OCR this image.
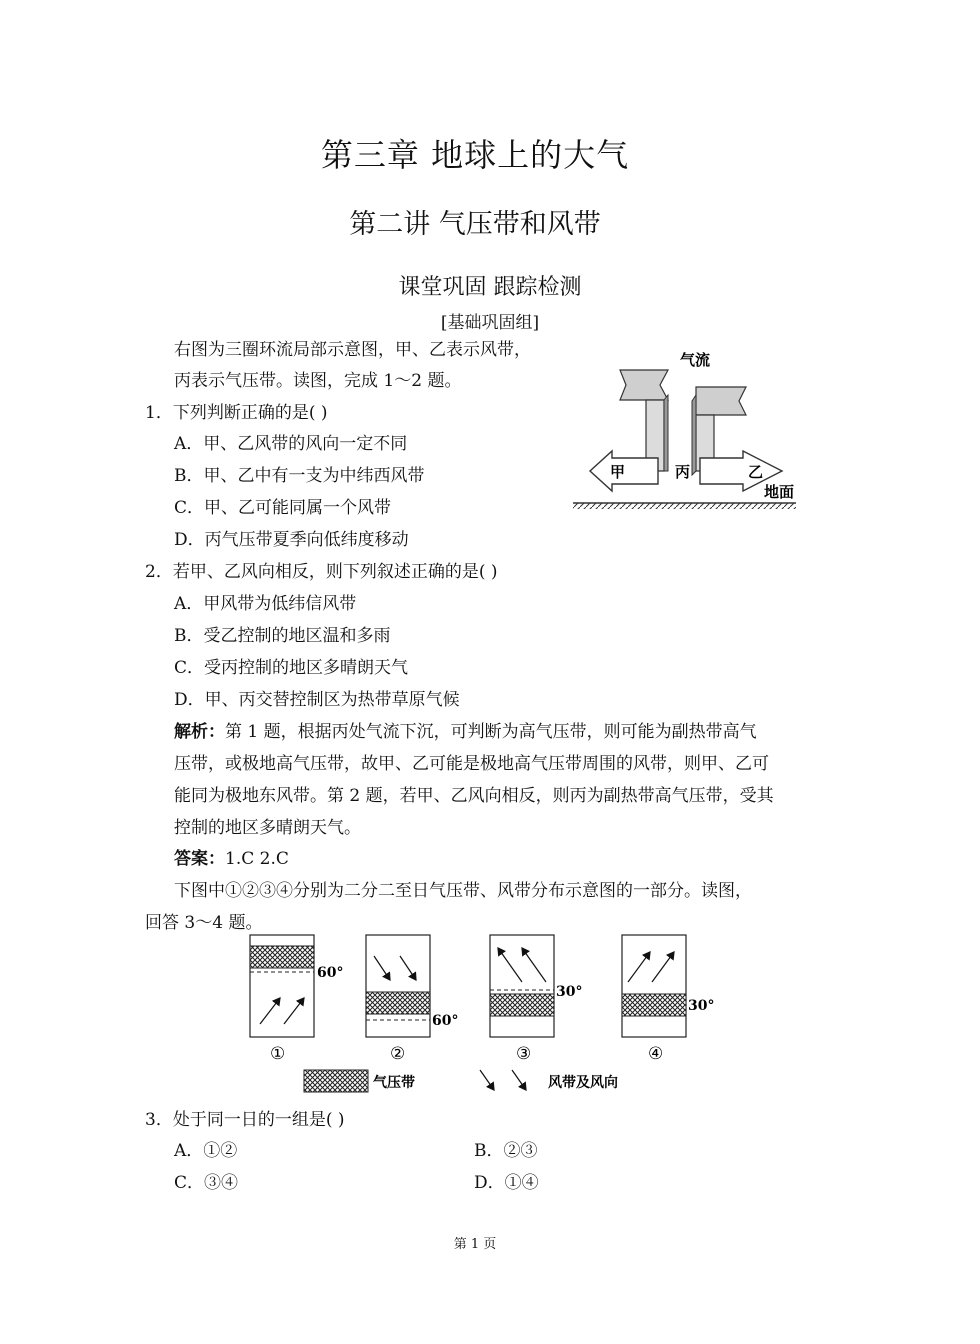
第三章 地球上的大气
第二讲 气压带和风带
课堂巩固 跟踪检测
[基础巩固组]
右图为三圈环流局部示意图，甲、乙表示风带，
丙表示气压带。读图，完成 1～2 题。
气流
甲	丙	乙
地面
1．下列判断正确的是( )
A．甲、乙风带的风向一定不同
B．甲、乙中有一支为中纬西风带
C．甲、乙可能同属一个风带
D．丙气压带夏季向低纬度移动
2．若甲、乙风向相反，则下列叙述正确的是( )
A．甲风带为低纬信风带
B．受乙控制的地区温和多雨
C．受丙控制的地区多晴朗天气
D．甲、丙交替控制区为热带草原气候
解析：第 1 题，根据丙处气流下沉，可判断为高气压带，则可能为副热带高气
压带，或极地高气压带，故甲、乙可能是极地高气压带周围的风带，则甲、乙可
能同为极地东风带。第 2 题，若甲、乙风向相反，则丙为副热带高气压带，受其
控制的地区多晴朗天气。
答案：1.C 2.C
下图中①②③④分别为二分二至日气压带、风带分布示意图的一部分。读图，
回答 3～4 题。
60°
①
60°
②
30°
③
30°
④
气压带	风带及风向
3．处于同一日的一组是( )
A．①②	B．②③
C．③④	D．①④
第 1 页
